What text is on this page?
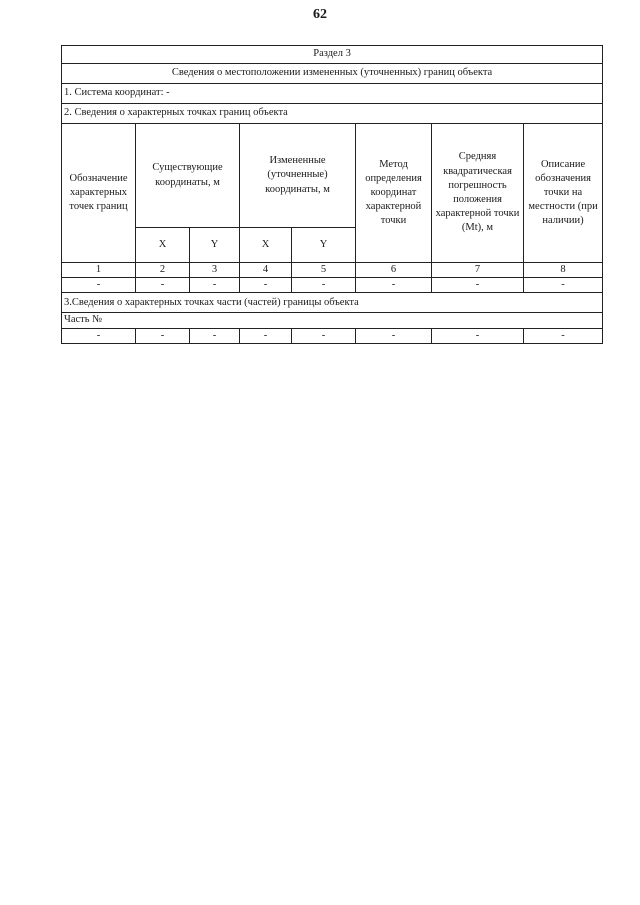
62
Раздел 3							
Сведения о местоположении измененных (уточненных) границ объекта							
1. Система координат: -							
2. Сведения о характерных точках границ объекта							
Обозначение характерных точек границ	Существующие координаты, м		Измененные (уточненные) координаты, м		Метод определения координат характерной точки	Средняя квадратичеcкая погрешность положения характерной точки (Mt), м	Описание обозначения точки на местности (при наличии)
	X	Y	X	Y			
1	2	3	4	5	6	7	8
-	-	-	-	-	-	-	-
3.Сведения о характерных точках части (частей) границы объекта							
Часть №							
-	-	-	-	-	-	-	-
